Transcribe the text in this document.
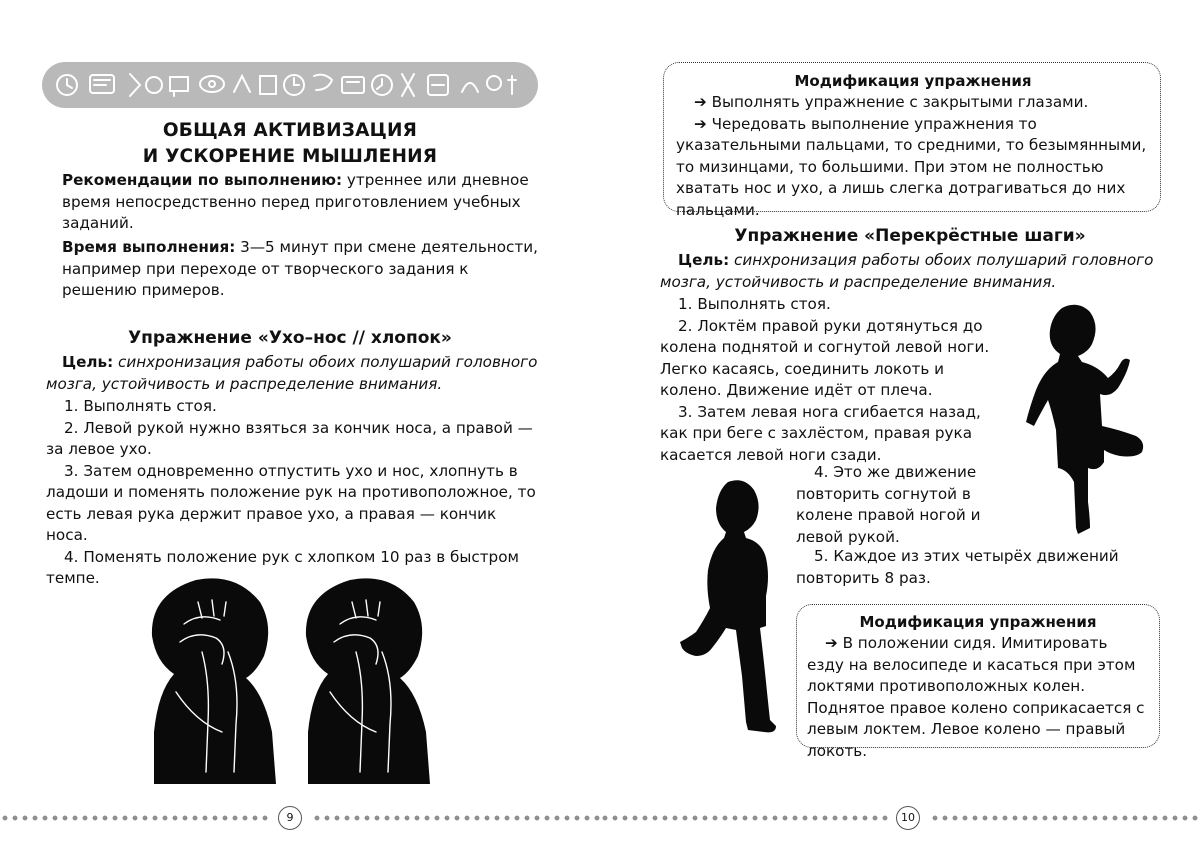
ОБЩАЯ АКТИВИЗАЦИЯ
И УСКОРЕНИЕ МЫШЛЕНИЯ
Рекомендации по выполнению: утреннее или дневное время непосредственно перед приготовлением учебных заданий.
Время выполнения: 3—5 минут при смене деятельности, например при переходе от творческого задания к решению примеров.
Упражнение «Ухо–нос // хлопок»
Цель: синхронизация работы обоих полушарий головного мозга, устойчивость и распределение внимания.
1. Выполнять стоя.
2. Левой рукой нужно взяться за кончик носа, а правой — за левое ухо.
3. Затем одновременно отпустить ухо и нос, хлопнуть в ладоши и поменять положение рук на противоположное, то есть левая рука держит правое ухо, а правая — кончик носа.
4. Поменять положение рук с хлопком 10 раз в быстром темпе.
9
Модификация упражнения
➔ Выполнять упражнение с закрытыми глазами.
➔ Чередовать выполнение упражнения то указательными пальцами, то средними, то безымянными, то мизинцами, то большими. При этом не полностью хватать нос и ухо, а лишь слегка дотрагиваться до них пальцами.
Упражнение «Перекрёстные шаги»
Цель: синхронизация работы обоих полушарий головного мозга, устойчивость и распределение внимания.
1. Выполнять стоя.
2. Локтём правой руки дотянуться до колена поднятой и согнутой левой ноги. Легко касаясь, соединить локоть и колено. Движение идёт от плеча.
3. Затем левая нога сгибается назад, как при беге с захлёстом, правая рука касается левой ноги сзади.
4. Это же движение повторить согнутой в колене правой ногой и левой рукой.
5. Каждое из этих четырёх движений повторить 8 раз.
Модификация упражнения
➔ В положении сидя. Имитировать езду на велосипеде и касаться при этом локтями противоположных колен. Поднятое правое колено соприкасается с левым локтем. Левое колено — правый локоть.
10
